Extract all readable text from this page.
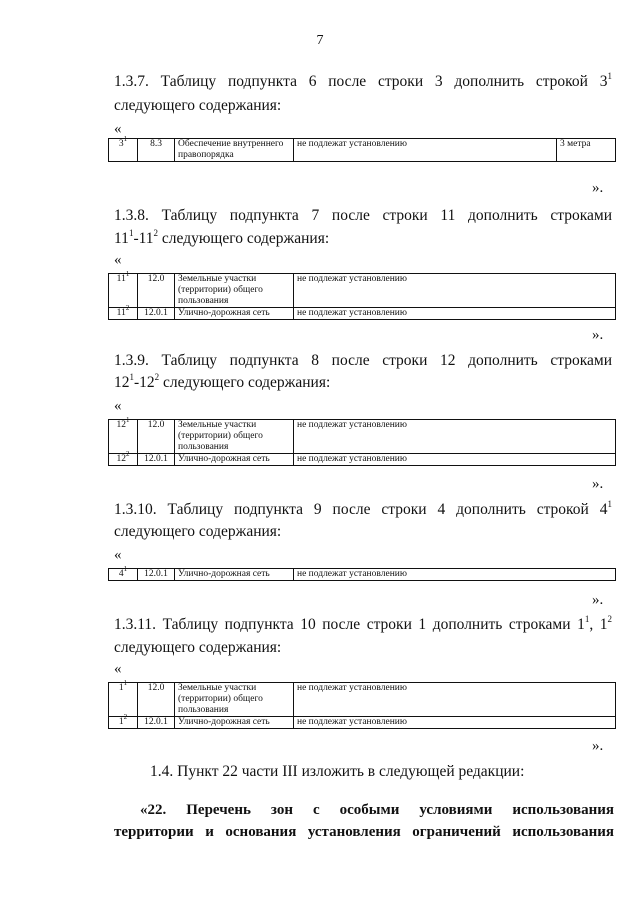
7
1.3.7. Таблицу подпункта 6 после строки 3 дополнить строкой $3^1$
следующего содержания:
«
$3^1$	8.3	Обеспечение внутреннего правопорядка	не подлежат установлению	3 метра
».
1.3.8. Таблицу подпункта 7 после строки 11 дополнить строками
$11^1-11^2$ следующего содержания:
«
$11^1$	12.0	Земельные участки (территории) общего пользования	не подлежат установлению
$11^2$	12.0.1	Улично-дорожная сеть	не подлежат установлению
».
1.3.9. Таблицу подпункта 8 после строки 12 дополнить строками
$12^1-12^2$ следующего содержания:
«
$12^1$	12.0	Земельные участки (территории) общего пользования	не подлежат установлению
$12^2$	12.0.1	Улично-дорожная сеть	не подлежат установлению
».
1.3.10. Таблицу подпункта 9 после строки 4 дополнить строкой $4^1$
следующего содержания:
«
$4^1$	12.0.1	Улично-дорожная сеть	не подлежат установлению
».
1.3.11. Таблицу подпункта 10 после строки 1 дополнить строками $1^1$, $1^2$
следующего содержания:
«
$1^1$	12.0	Земельные участки (территории) общего пользования	не подлежат установлению
$1^2$	12.0.1	Улично-дорожная сеть	не подлежат установлению
».
1.4. Пункт 22 части III изложить в следующей редакции:
«22. Перечень зон с особыми условиями использования
территории и основания установления ограничений использования
